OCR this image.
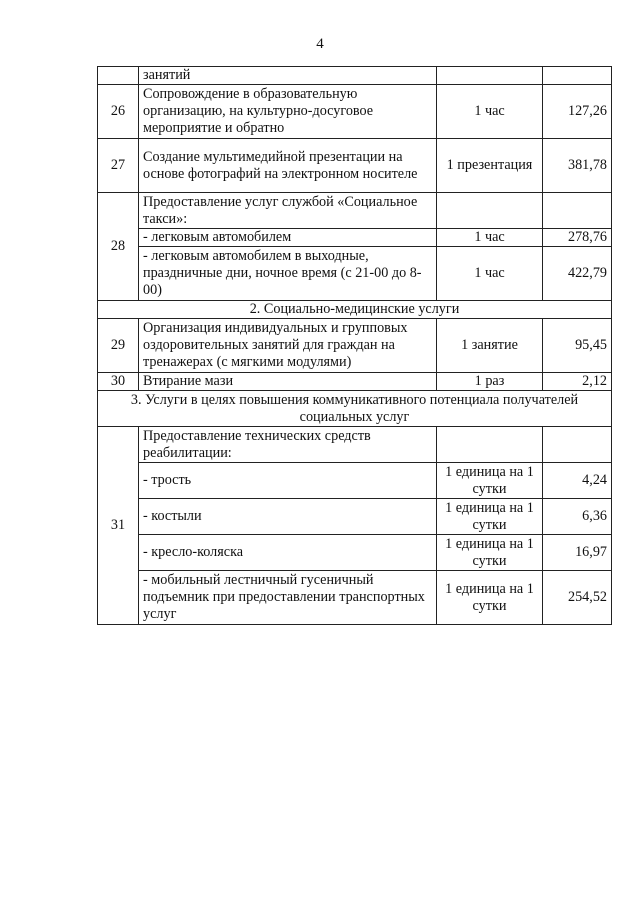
4
	занятий		
26	Сопровождение в образовательную организацию, на культурно-досуговое мероприятие и обратно	1 час	127,26
27	Создание мультимедийной презентации на основе фотографий на электронном носителе	1 презентация	381,78
28	Предоставление услуг службой «Социальное такси»:		
	- легковым автомобилем	1 час	278,76
	- легковым автомобилем в выходные, праздничные дни, ночное время (с 21-00 до 8-00)	1 час	422,79
2. Социально-медицинские услуги			
29	Организация индивидуальных и групповых оздоровительных занятий для граждан на тренажерах (с мягкими модулями)	1 занятие	95,45
30	Втирание мази	1 раз	2,12
3. Услуги в целях повышения коммуникативного потенциала получателей социальных услуг			
31	Предоставление технических средств реабилитации:		
	- трость	1 единица на 1 сутки	4,24
	- костыли	1 единица на 1 сутки	6,36
	- кресло-коляска	1 единица на 1 сутки	16,97
	- мобильный лестничный гусеничный подъемник при предоставлении транспортных услуг	1 единица на 1 сутки	254,52
